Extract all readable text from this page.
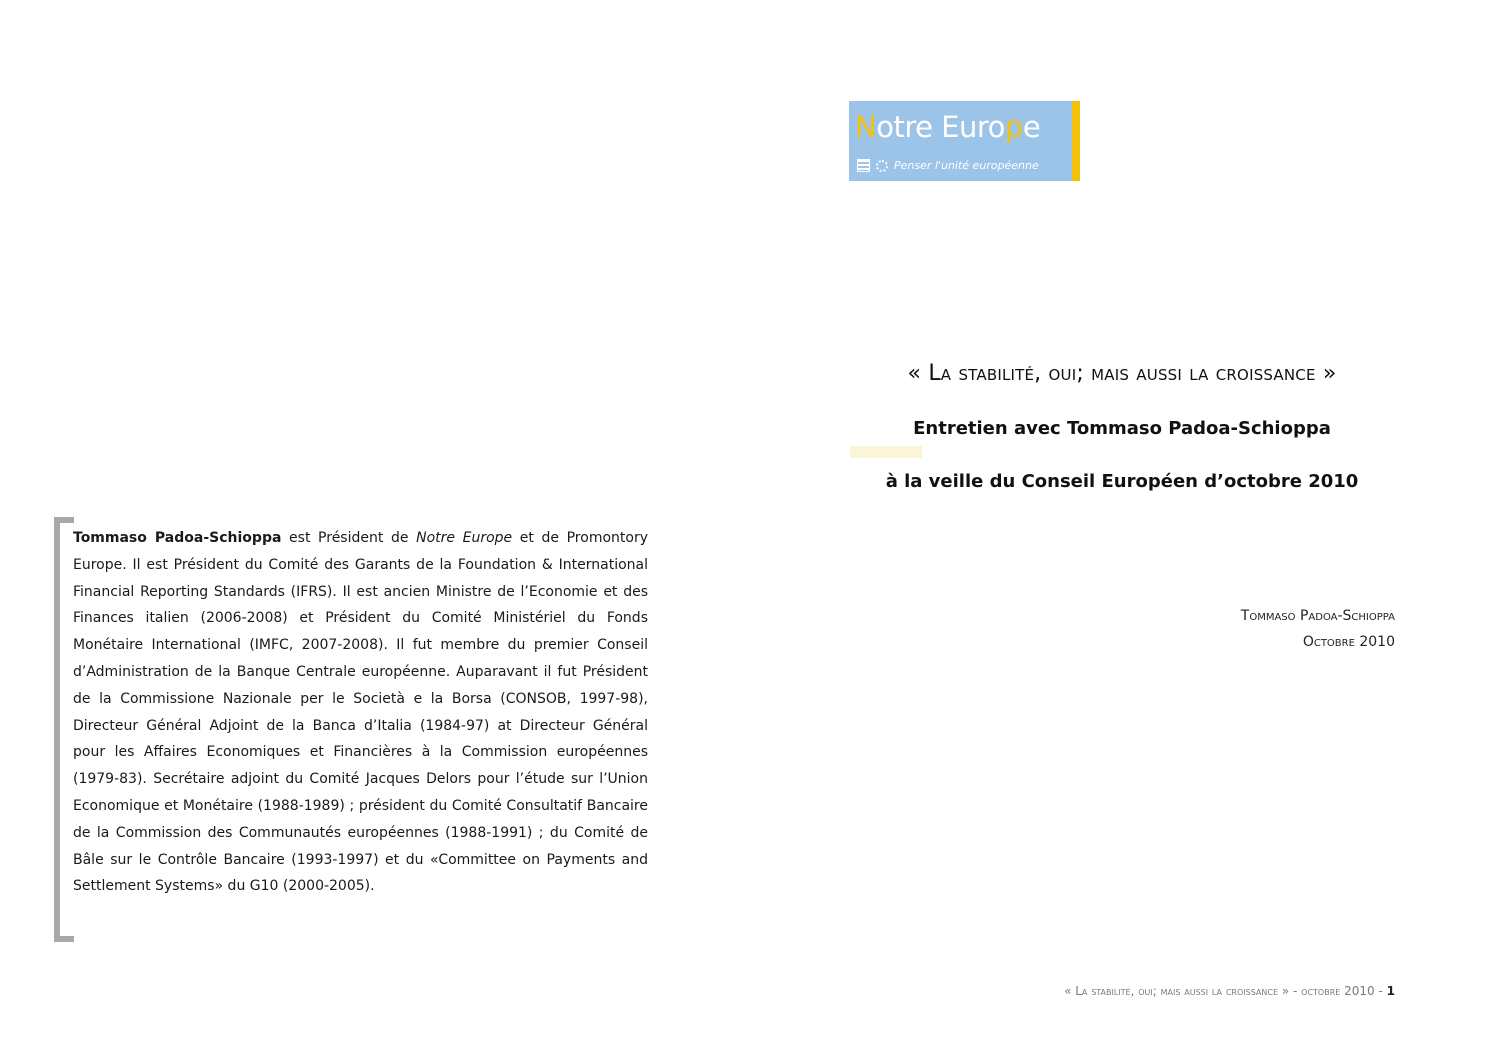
Notre Europe
Penser l'unité européenne
« La stabilité, oui; mais aussi la croissance »
Entretien avec Tommaso Padoa-Schioppa
à la veille du Conseil Européen d’octobre 2010
Tommaso Padoa-Schioppa
Octobre 2010

Tommaso Padoa-Schioppa est Président de Notre Europe et de Promontory Europe. Il est Président du Comité des Garants de la Foundation & International Financial Reporting Standards (IFRS). Il est ancien Ministre de l’Economie et des Finances italien (2006-2008) et Président du Comité Ministériel du Fonds Monétaire International (IMFC, 2007-2008). Il fut membre du premier Conseil d’Administration de la Banque Centrale européenne. Auparavant il fut Président de la Commissione Nazionale per le Società e la Borsa (CONSOB, 1997-98), Directeur Général Adjoint de la Banca d’Italia (1984-97) at Directeur Général pour les Affaires Economiques et Financières à la Commission européennes (1979-83). Secrétaire adjoint du Comité Jacques Delors pour l’étude sur l’Union Economique et Monétaire (1988-1989) ; président du Comité Consultatif Bancaire de la Commission des Communautés européennes (1988-1991) ; du Comité de Bâle sur le Contrôle Bancaire (1993-1997) et du «Committee on Payments and Settlement Systems» du G10 (2000-2005).

« La stabilité, oui; mais aussi la croissance » - octobre 2010 - 1
